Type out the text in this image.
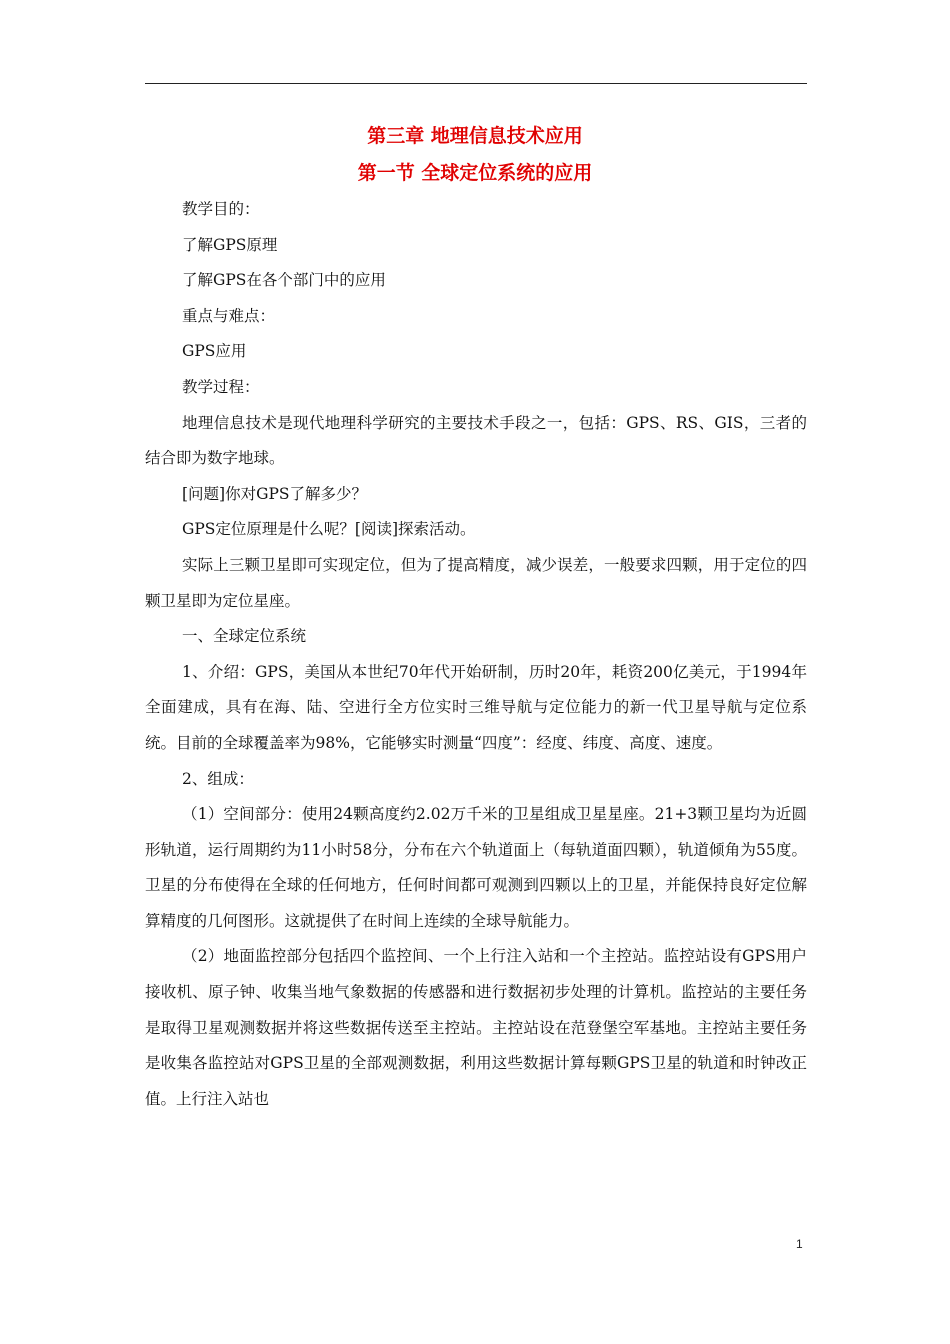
第三章 地理信息技术应用
第一节 全球定位系统的应用

教学目的：

了解GPS原理

了解GPS在各个部门中的应用

重点与难点：

GPS应用

教学过程：

地理信息技术是现代地理科学研究的主要技术手段之一，包括：GPS、RS、GIS，三者的结合即为数字地球。

[问题]你对GPS了解多少？

GPS定位原理是什么呢？[阅读]探索活动。

实际上三颗卫星即可实现定位，但为了提高精度，减少误差，一般要求四颗，用于定位的四颗卫星即为定位星座。

一、全球定位系统

1、介绍：GPS，美国从本世纪70年代开始研制，历时20年，耗资200亿美元，于1994年全面建成，具有在海、陆、空进行全方位实时三维导航与定位能力的新一代卫星导航与定位系统。目前的全球覆盖率为98%，它能够实时测量“四度”：经度、纬度、高度、速度。

2、组成：

（1）空间部分：使用24颗高度约2.02万千米的卫星组成卫星星座。21+3颗卫星均为近圆形轨道，运行周期约为11小时58分，分布在六个轨道面上（每轨道面四颗），轨道倾角为55度。卫星的分布使得在全球的任何地方，任何时间都可观测到四颗以上的卫星，并能保持良好定位解算精度的几何图形。这就提供了在时间上连续的全球导航能力。

（2）地面监控部分包括四个监控间、一个上行注入站和一个主控站。监控站设有GPS用户接收机、原子钟、收集当地气象数据的传感器和进行数据初步处理的计算机。监控站的主要任务是取得卫星观测数据并将这些数据传送至主控站。主控站设在范登堡空军基地。主控站主要任务是收集各监控站对GPS卫星的全部观测数据，利用这些数据计算每颗GPS卫星的轨道和时钟改正值。上行注入站也

1
